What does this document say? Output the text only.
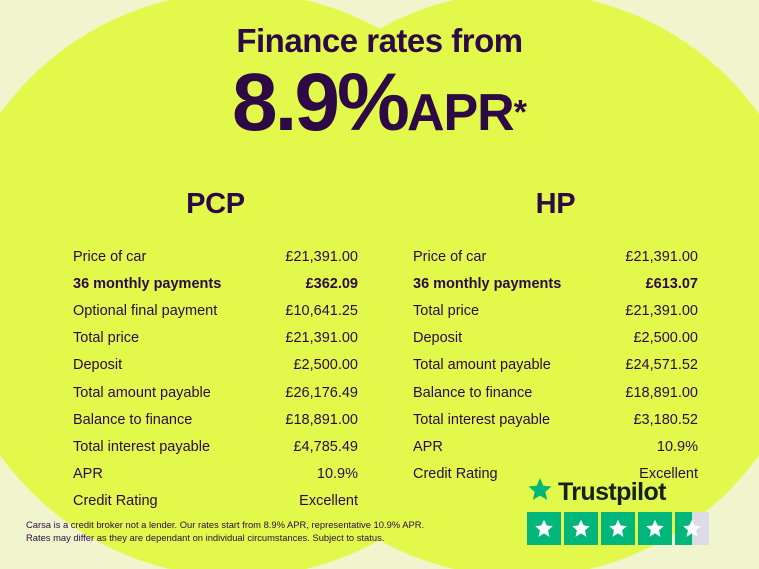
Finance rates from
8.9%APR*
PCP
Price of car	£21,391.00
36 monthly payments	£362.09
Optional final payment	£10,641.25
Total price	£21,391.00
Deposit	£2,500.00
Total amount payable	£26,176.49
Balance to finance	£18,891.00
Total interest payable	£4,785.49
APR	10.9%
Credit Rating	Excellent
HP
Price of car	£21,391.00
36 monthly payments	£613.07
Total price	£21,391.00
Deposit	£2,500.00
Total amount payable	£24,571.52
Balance to finance	£18,891.00
Total interest payable	£3,180.52
APR	10.9%
Credit Rating	Excellent
Carsa is a credit broker not a lender. Our rates start from 8.9% APR, representative 10.9% APR.
Rates may differ as they are dependant on individual circumstances. Subject to status.
Trustpilot
